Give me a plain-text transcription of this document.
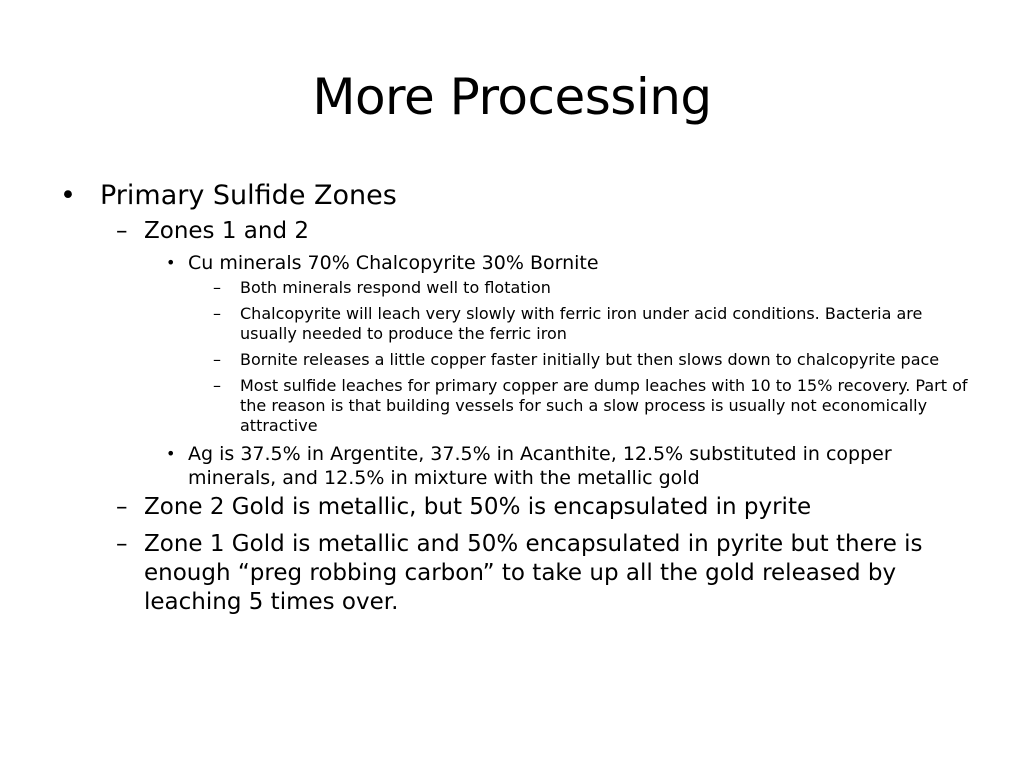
More Processing
• Primary Sulfide Zones
– Zones 1 and 2
• Cu minerals 70% Chalcopyrite 30% Bornite
– Both minerals respond well to flotation
– Chalcopyrite will leach very slowly with ferric iron under acid conditions. Bacteria are usually needed to produce the ferric iron
– Bornite releases a little copper faster initially but then slows down to chalcopyrite pace
– Most sulfide leaches for primary copper are dump leaches with 10 to 15% recovery. Part of the reason is that building vessels for such a slow process is usually not economically attractive
• Ag is 37.5% in Argentite, 37.5% in Acanthite, 12.5% substituted in copper minerals, and 12.5% in mixture with the metallic gold
– Zone 2 Gold is metallic, but 50% is encapsulated in pyrite
– Zone 1 Gold is metallic and 50% encapsulated in pyrite but there is enough “preg robbing carbon” to take up all the gold released by leaching 5 times over.
